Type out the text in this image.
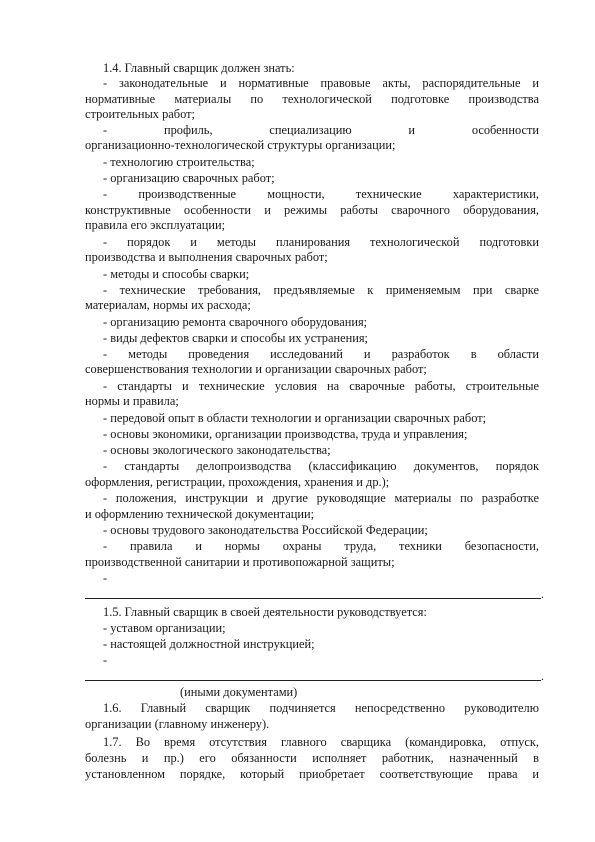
1.4. Главный сварщик должен знать:
- законодательные и нормативные правовые акты, распорядительные и
нормативные материалы по технологической подготовке производства
строительных работ;
- профиль, специализацию и особенности
организационно-технологической структуры организации;
- технологию строительства;
- организацию сварочных работ;
- производственные мощности, технические характеристики,
конструктивные особенности и режимы работы сварочного оборудования,
правила его эксплуатации;
- порядок и методы планирования технологической подготовки
производства и выполнения сварочных работ;
- методы и способы сварки;
- технические требования, предъявляемые к применяемым при сварке
материалам, нормы их расхода;
- организацию ремонта сварочного оборудования;
- виды дефектов сварки и способы их устранения;
- методы проведения исследований и разработок в области
совершенствования технологии и организации сварочных работ;
- стандарты и технические условия на сварочные работы, строительные
нормы и правила;
- передовой опыт в области технологии и организации сварочных работ;
- основы экономики, организации производства, труда и управления;
- основы экологического законодательства;
- стандарты делопроизводства (классификацию документов, порядок
оформления, регистрации, прохождения, хранения и др.);
- положения, инструкции и другие руководящие материалы по разработке
и оформлению технической документации;
- основы трудового законодательства Российской Федерации;
- правила и нормы охраны труда, техники безопасности,
производственной санитарии и противопожарной защиты;
-
.
1.5. Главный сварщик в своей деятельности руководствуется:
- уставом организации;
- настоящей должностной инструкцией;
-
.
(иными документами)
1.6. Главный сварщик подчиняется непосредственно руководителю
организации (главному инженеру).
1.7. Во время отсутствия главного сварщика (командировка, отпуск,
болезнь и пр.) его обязанности исполняет работник, назначенный в
установленном порядке, который приобретает соответствующие права и
